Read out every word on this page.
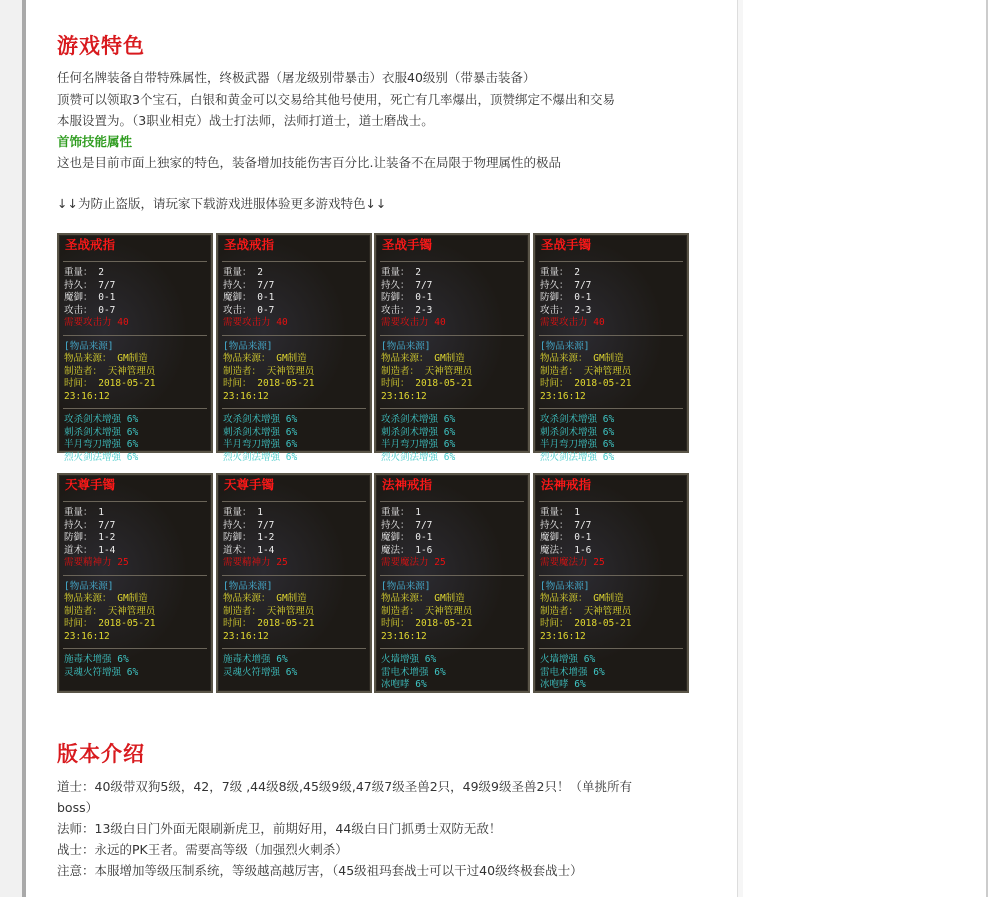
游戏特色
任何名牌装备自带特殊属性，终极武器（屠龙级别带暴击）衣服40级别（带暴击装备）
顶赞可以领取3个宝石，白银和黄金可以交易给其他号使用，死亡有几率爆出，顶赞绑定不爆出和交易
本服设置为。（3职业相克）战士打法师，法师打道士，道士磨战士。
首饰技能属性
这也是目前市面上独家的特色，装备增加技能伤害百分比.让装备不在局限于物理属性的极品
↓↓为防止盗版，请玩家下载游戏进服体验更多游戏特色↓↓
圣战戒指
重量： 2
持久： 7/7
魔御： 0-1
攻击： 0-7
需要攻击力 40
[物品来源]
物品来源： GM制造
制造者： 天神管理员
时间： 2018-05-21 23:16:12
攻杀剑术增强 6%
刺杀剑术增强 6%
半月弯刀增强 6%
烈火剑法增强 6%
圣战戒指
重量： 2
持久： 7/7
魔御： 0-1
攻击： 0-7
需要攻击力 40
[物品来源]
物品来源： GM制造
制造者： 天神管理员
时间： 2018-05-21 23:16:12
攻杀剑术增强 6%
刺杀剑术增强 6%
半月弯刀增强 6%
烈火剑法增强 6%
圣战手镯
重量： 2
持久： 7/7
防御： 0-1
攻击： 2-3
需要攻击力 40
[物品来源]
物品来源： GM制造
制造者： 天神管理员
时间： 2018-05-21 23:16:12
攻杀剑术增强 6%
刺杀剑术增强 6%
半月弯刀增强 6%
烈火剑法增强 6%
圣战手镯
重量： 2
持久： 7/7
防御： 0-1
攻击： 2-3
需要攻击力 40
[物品来源]
物品来源： GM制造
制造者： 天神管理员
时间： 2018-05-21 23:16:12
攻杀剑术增强 6%
刺杀剑术增强 6%
半月弯刀增强 6%
烈火剑法增强 6%
天尊手镯
重量： 1
持久： 7/7
防御： 1-2
道术： 1-4
需要精神力 25
[物品来源]
物品来源： GM制造
制造者： 天神管理员
时间： 2018-05-21 23:16:12
施毒术增强 6%
灵魂火符增强 6%
天尊手镯
重量： 1
持久： 7/7
防御： 1-2
道术： 1-4
需要精神力 25
[物品来源]
物品来源： GM制造
制造者： 天神管理员
时间： 2018-05-21 23:16:12
施毒术增强 6%
灵魂火符增强 6%
法神戒指
重量： 1
持久： 7/7
魔御： 0-1
魔法： 1-6
需要魔法力 25
[物品来源]
物品来源： GM制造
制造者： 天神管理员
时间： 2018-05-21 23:16:12
火墙增强 6%
雷电术增强 6%
冰咆哮 6%
法神戒指
重量： 1
持久： 7/7
魔御： 0-1
魔法： 1-6
需要魔法力 25
[物品来源]
物品来源： GM制造
制造者： 天神管理员
时间： 2018-05-21 23:16:12
火墙增强 6%
雷电术增强 6%
冰咆哮 6%
版本介绍
道士：40级带双狗5级，42，7级 ,44级8级,45级9级,47级7级圣兽2只，49级9级圣兽2只！（单挑所有
boss）
法师：13级白日门外面无限刷新虎卫，前期好用，44级白日门抓勇士双防无敌！
战士：永远的PK王者。需要高等级（加强烈火刺杀）
注意：本服增加等级压制系统，等级越高越厉害，（45级祖玛套战士可以干过40级终极套战士）
